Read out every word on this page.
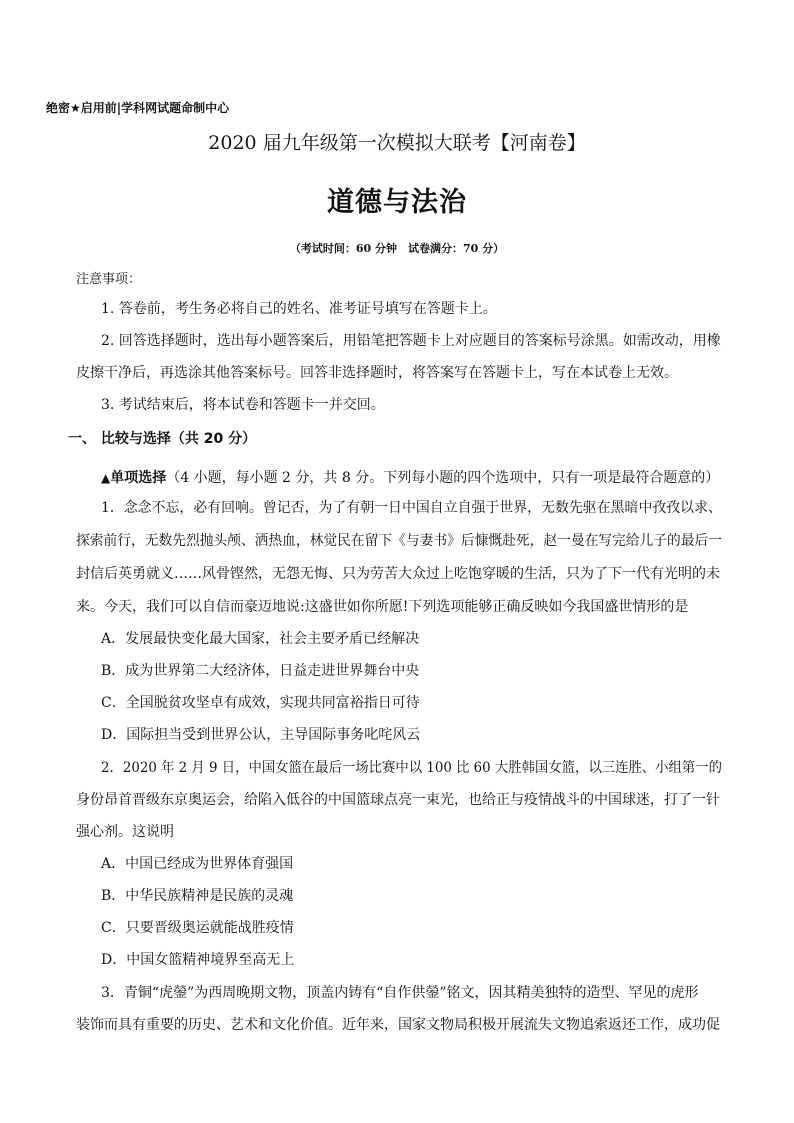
绝密★启用前|学科网试题命制中心
2020 届九年级第一次模拟大联考【河南卷】
道德与法治
（考试时间：60 分钟　试卷满分：70 分）
注意事项：
1. 答卷前，考生务必将自己的姓名、准考证号填写在答题卡上。
2. 回答选择题时，选出每小题答案后，用铅笔把答题卡上对应题目的答案标号涂黑。如需改动，用橡
皮擦干净后，再选涂其他答案标号。回答非选择题时，将答案写在答题卡上，写在本试卷上无效。
3. 考试结束后，将本试卷和答题卡一并交回。
一、 比较与选择（共 20 分）
▲单项选择（4 小题，每小题 2 分，共 8 分。下列每小题的四个选项中，只有一项是最符合题意的）
1．念念不忘，必有回响。曾记否，为了有朝一日中国自立自强于世界，无数先驱在黑暗中孜孜以求、
探索前行，无数先烈抛头颅、洒热血，林觉民在留下《与妻书》后慷慨赴死，赵一曼在写完给儿子的最后一
封信后英勇就义……风骨铿然，无怨无悔、只为劳苦大众过上吃饱穿暖的生活，只为了下一代有光明的未
来。今天，我们可以自信而豪迈地说:这盛世如你所愿!下列选项能够正确反映如今我国盛世情形的是
A．发展最快变化最大国家，社会主要矛盾已经解决
B．成为世界第二大经济体，日益走进世界舞台中央
C．全国脱贫攻坚卓有成效，实现共同富裕指日可待
D．国际担当受到世界公认，主导国际事务叱咤风云
2．2020 年 2 月 9 日，中国女篮在最后一场比赛中以 100 比 60 大胜韩国女篮，以三连胜、小组第一的
身份昂首晋级东京奥运会，给陷入低谷的中国篮球点亮一束光，也给正与疫情战斗的中国球迷，打了一针
强心剂。这说明
A．中国已经成为世界体育强国
B．中华民族精神是民族的灵魂
C．只要晋级奥运就能战胜疫情
D．中国女篮精神境界至高无上
3．青铜“虎鎣”为西周晚期文物，顶盖内铸有“自作供鎣”铭文，因其精美独特的造型、罕见的虎形
装饰而具有重要的历史、艺术和文化价值。近年来，国家文物局积极开展流失文物追索返还工作，成功促
